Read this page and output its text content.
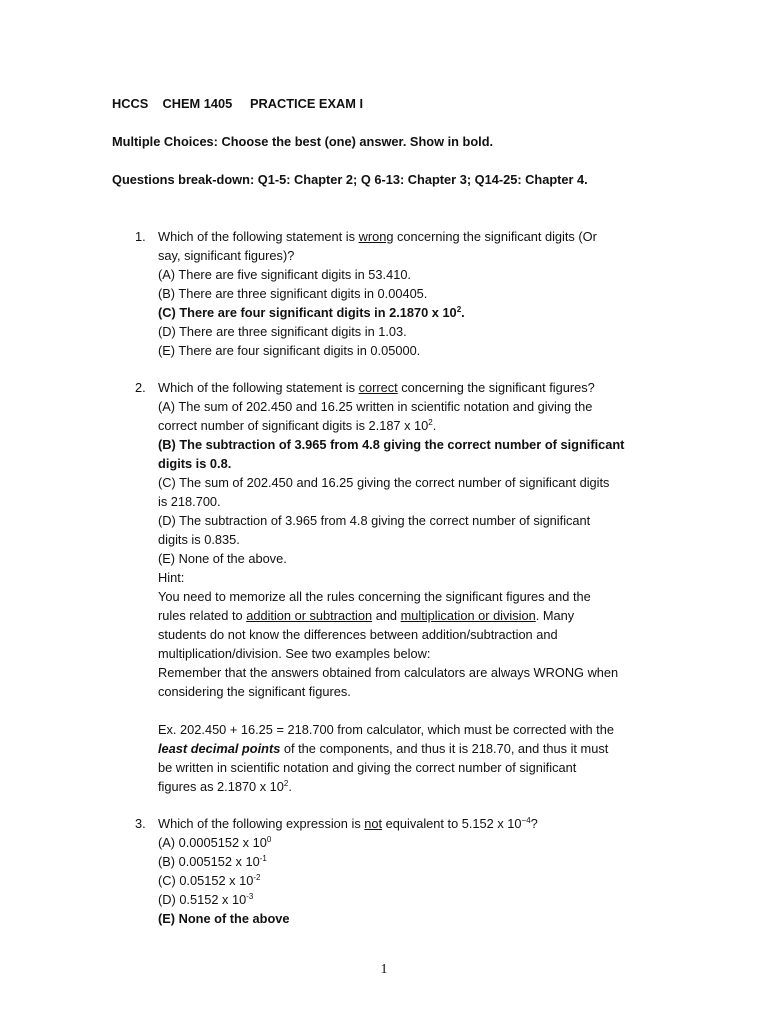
HCCS    CHEM 1405     PRACTICE EXAM I
Multiple Choices: Choose the best (one) answer. Show in bold.
Questions break-down: Q1-5: Chapter 2; Q 6-13: Chapter 3; Q14-25: Chapter 4.
1. Which of the following statement is wrong concerning the significant digits (Or
say, significant figures)?
(A) There are five significant digits in 53.410.
(B) There are three significant digits in 0.00405.
(C) There are four significant digits in 2.1870 x $10^2$.
(D) There are three significant digits in 1.03.
(E) There are four significant digits in 0.05000.
2. Which of the following statement is correct concerning the significant figures?
(A) The sum of 202.450 and 16.25 written in scientific notation and giving the
correct number of significant digits is 2.187 x $10^2$.
(B) The subtraction of 3.965 from 4.8 giving the correct number of significant
digits is 0.8.
(C) The sum of 202.450 and 16.25 giving the correct number of significant digits
is 218.700.
(D) The subtraction of 3.965 from 4.8 giving the correct number of significant
digits is 0.835.
(E) None of the above.
Hint:
You need to memorize all the rules concerning the significant figures and the
rules related to addition or subtraction and multiplication or division. Many
students do not know the differences between addition/subtraction and
multiplication/division. See two examples below:
Remember that the answers obtained from calculators are always WRONG when
considering the significant figures.
Ex. 202.450 + 16.25 = 218.700 from calculator, which must be corrected with the
least decimal points of the components, and thus it is 218.70, and thus it must
be written in scientific notation and giving the correct number of significant
figures as 2.1870 x $10^2$.
3. Which of the following expression is not equivalent to 5.152 x $10^{-4}$?
(A) 0.0005152 x $10^0$
(B) 0.005152 x $10^{-1}$
(C) 0.05152 x $10^{-2}$
(D) 0.5152 x $10^{-3}$
(E) None of the above
1
